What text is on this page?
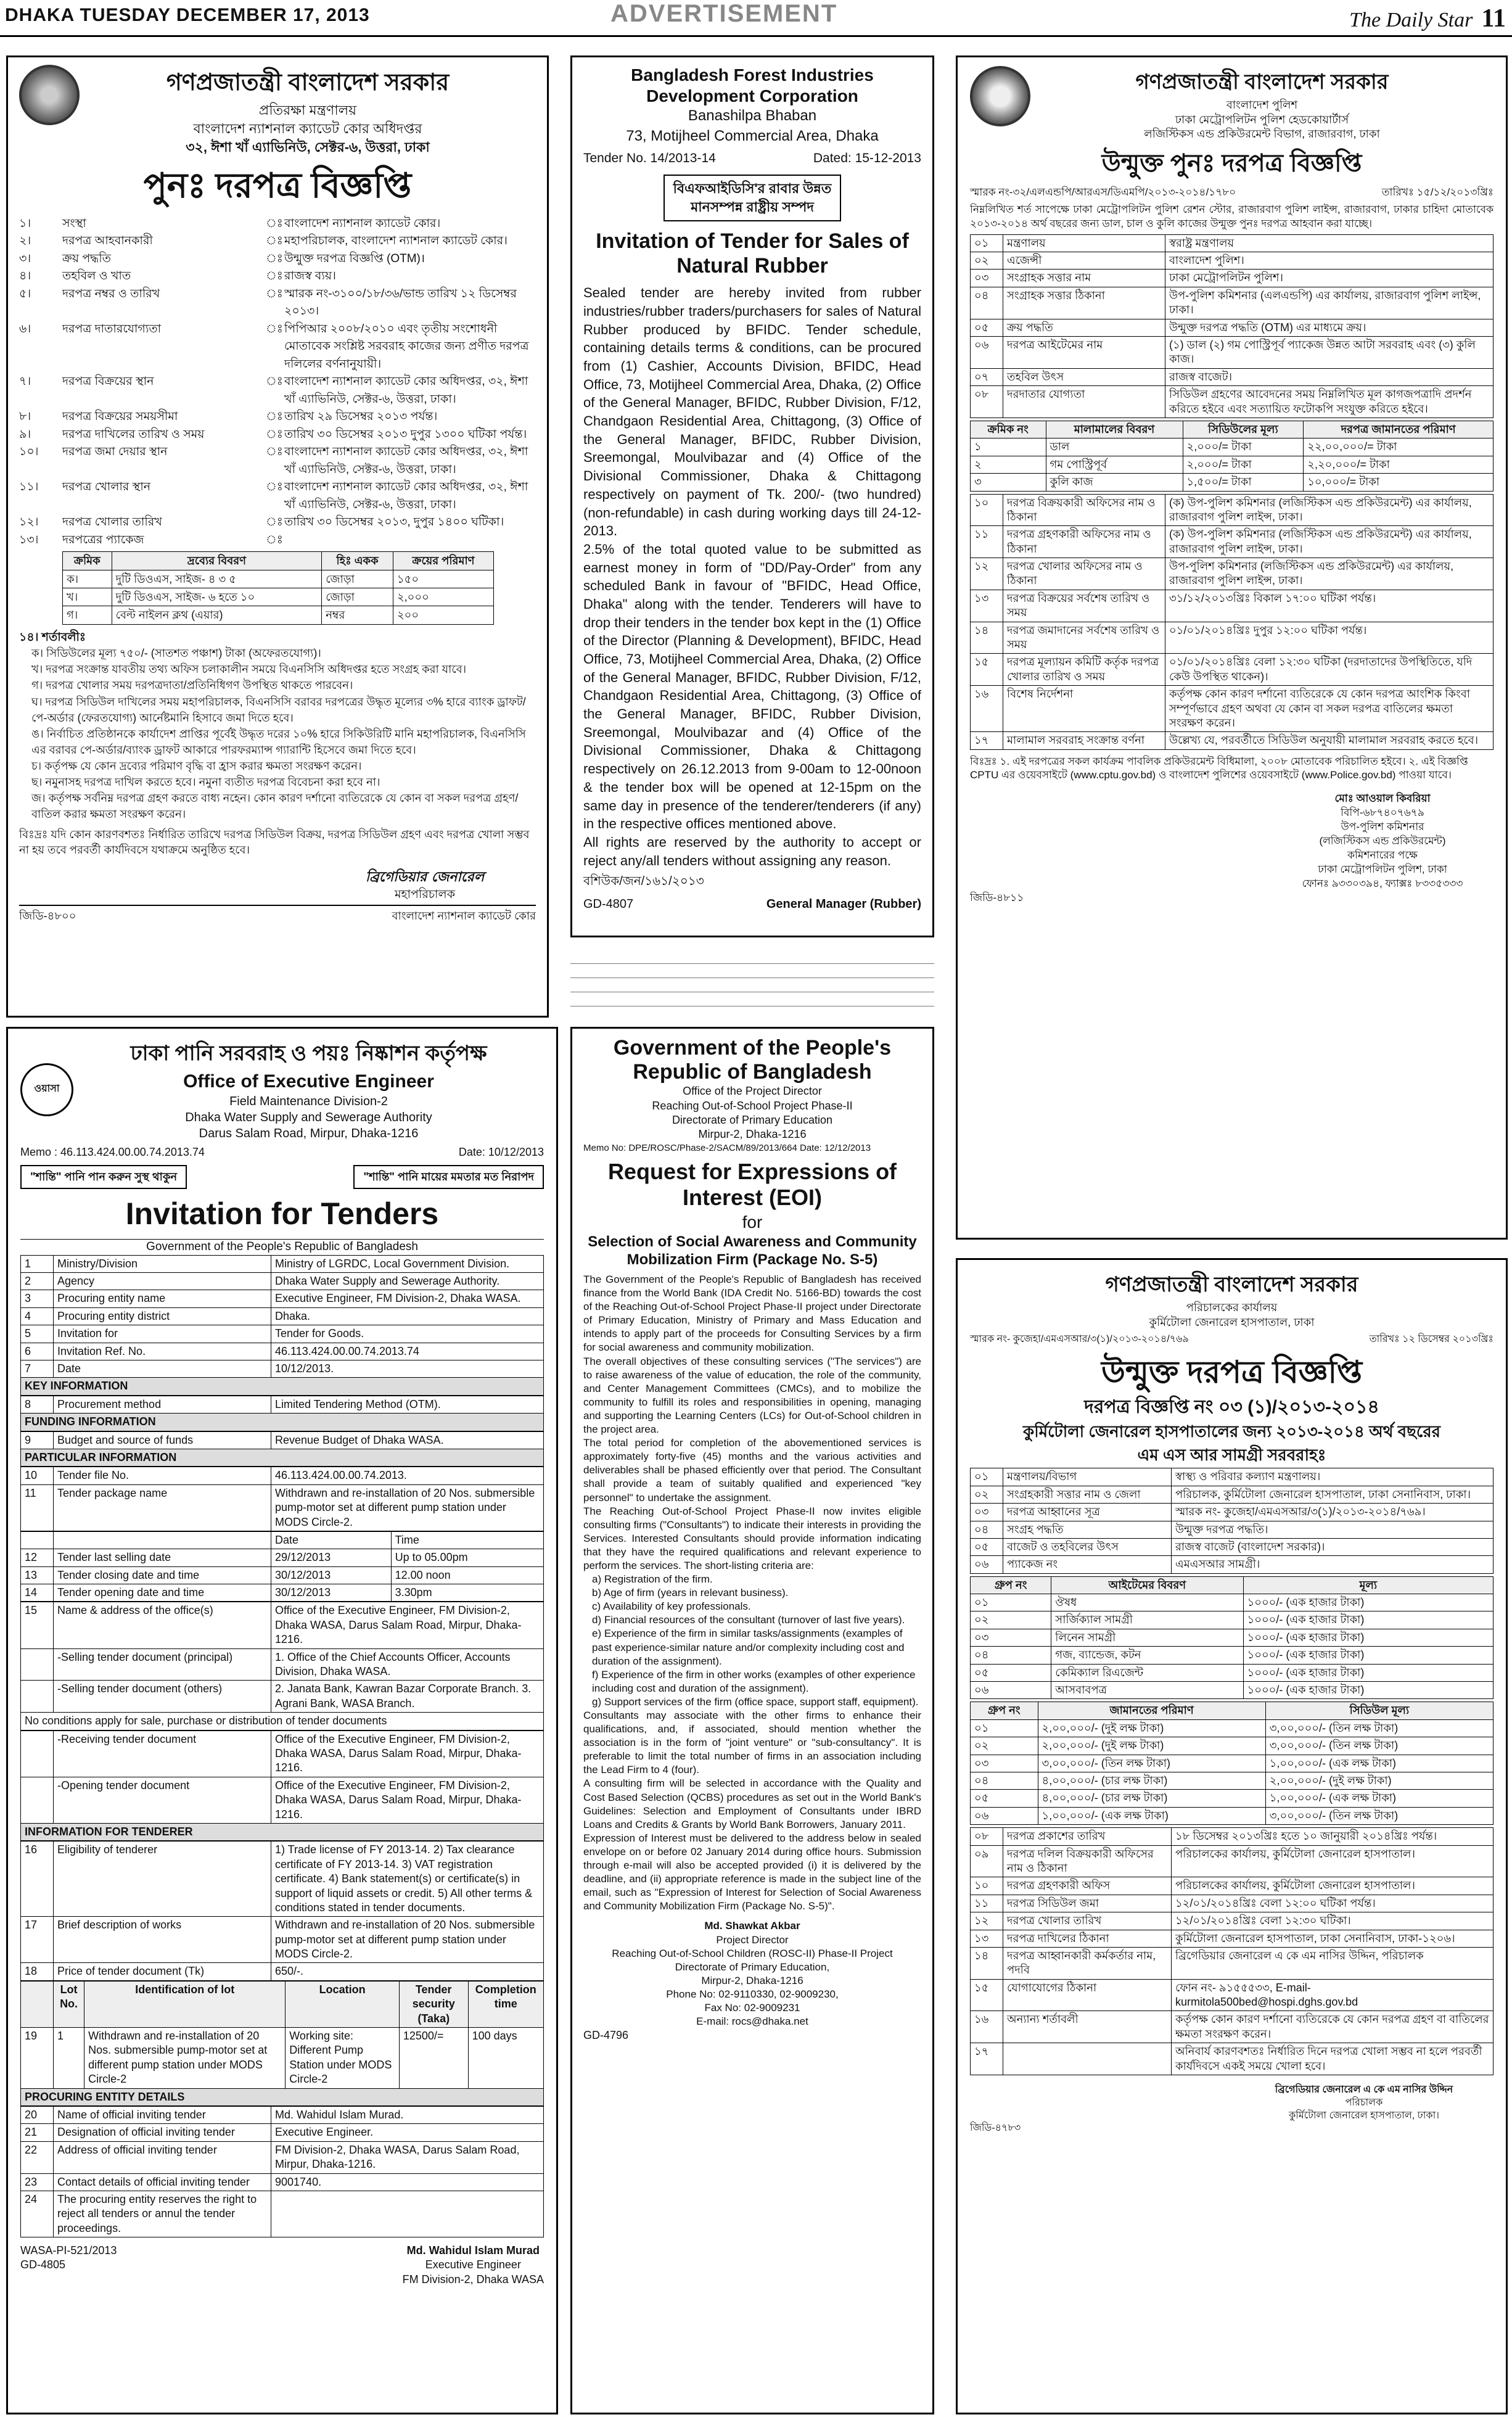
DHAKA TUESDAY DECEMBER 17, 2013	ADVERTISEMENT	The Daily Star 11
গণপ্রজাতন্ত্রী বাংলাদেশ সরকার
প্রতিরক্ষা মন্ত্রণালয়
বাংলাদেশ ন্যাশনাল ক্যাডেট কোর অধিদপ্তর
৩২, ঈশা খাঁ এ্যাভিনিউ, সেক্টর-৬, উত্তরা, ঢাকা
পুনঃ দরপত্র বিজ্ঞপ্তি
১।	সংস্থা	ঃ বাংলাদেশ ন্যাশনাল ক্যাডেট কোর।
২।	দরপত্র আহবানকারী	ঃ মহাপরিচালক, বাংলাদেশ ন্যাশনাল ক্যাডেট কোর।
৩।	ক্রয় পদ্ধতি	ঃ উন্মুক্ত দরপত্র বিজ্ঞপ্তি (OTM)।
৪।	তহবিল ও খাত	ঃ রাজস্ব ব্যয়।
৫।	দরপত্র নম্বর ও তারিখ	ঃ স্মারক নং-৩১০০/১৮/৩৬/ভান্ড তারিখ ১২ ডিসেম্বর ২০১৩।
৬।	দরপত্র দাতারযোগ্যতা	ঃ পিপিআর ২০০৮/২০১০ এবং তৃতীয় সংশোধনী মোতাবেক সংশ্লিষ্ট সরবরাহ কাজের জন্য প্রণীত দরপত্র দলিলের বর্ণনানুযায়ী।
৭।	দরপত্র বিক্রয়ের স্থান	ঃ বাংলাদেশ ন্যাশনাল ক্যাডেট কোর অধিদপ্তর, ৩২, ঈশা খাঁ এ্যাভিনিউ, সেক্টর-৬, উত্তরা, ঢাকা।
৮।	দরপত্র বিক্রয়ের সময়সীমা	ঃ তারিখ ২৯ ডিসেম্বর ২০১৩ পর্যন্ত।
৯।	দরপত্র দাখিলের তারিখ ও সময়	ঃ তারিখ ৩০ ডিসেম্বর ২০১৩ দুপুর ১৩০০ ঘটিকা পর্যন্ত।
১০।	দরপত্র জমা দেয়ার স্থান	ঃ বাংলাদেশ ন্যাশনাল ক্যাডেট কোর অধিদপ্তর, ৩২, ঈশা খাঁ এ্যাভিনিউ, সেক্টর-৬, উত্তরা, ঢাকা।
১১।	দরপত্র খোলার স্থান	ঃ বাংলাদেশ ন্যাশনাল ক্যাডেট কোর অধিদপ্তর, ৩২, ঈশা খাঁ এ্যাভিনিউ, সেক্টর-৬, উত্তরা, ঢাকা।
১২।	দরপত্র খোলার তারিখ	ঃ তারিখ ৩০ ডিসেম্বর ২০১৩, দুপুর ১৪০০ ঘটিকা।
১৩।	দরপত্রের প্যাকেজ	ঃ
ক্রমিক	দ্রব্যের বিবরণ	হিঃ একক	ক্রয়ের পরিমাণ
ক।	দুটি ডিওএস, সাইজ- ৪ ৩ ৫	জোড়া	১৫০
খ।	দুটি ডিওএস, সাইজ- ৬ হতে ১০	জোড়া	২,০০০
গ।	বেল্ট নাইলন ক্লথ (এয়ার)	নম্বর	২০০
১৪। শর্তাবলীঃ
ক। সিডিউলের মূল্য ৭৫০/- (সাতশত পঞ্চাশ) টাকা (অফেরতযোগ্য)।
খ। দরপত্র সংক্রান্ত যাবতীয় তথ্য অফিস চলাকালীন সময়ে বিএনসিসি অধিদপ্তর হতে সংগ্রহ করা যাবে।
গ। দরপত্র খোলার সময় দরপত্রদাতা/প্রতিনিধিগণ উপস্থিত থাকতে পারবেন।
ঘ। দরপত্র সিডিউল দাখিলের সময় মহাপরিচালক, বিএনসিসি বরাবর দরপত্রের উদ্ধৃত মূল্যের ৩% হারে ব্যাংক ড্রাফট/পে-অর্ডার (ফেরতযোগ্য) আর্নেষ্টমানি হিসাবে জমা দিতে হবে।
ঙ। নির্বাচিত প্রতিষ্ঠানকে কার্যাদেশ প্রাপ্তির পূর্বেই উদ্ধৃত দরের ১০% হারে সিকিউরিটি মানি মহাপরিচালক, বিএনসিসি এর বরাবর পে-অর্ডার/ব্যাংক ড্রাফট আকারে পারফরম্যান্স গ্যারান্টি হিসেবে জমা দিতে হবে।
চ। কর্তৃপক্ষ যে কোন দ্রব্যের পরিমাণ বৃদ্ধি বা হ্রাস করার ক্ষমতা সংরক্ষণ করেন।
ছ। নমুনাসহ দরপত্র দাখিল করতে হবে। নমুনা ব্যতীত দরপত্র বিবেচনা করা হবে না।
জ। কর্তৃপক্ষ সর্বনিম্ন দরপত্র গ্রহণ করতে বাধ্য নহেন। কোন কারণ দর্শানো ব্যতিরেকে যে কোন বা সকল দরপত্র গ্রহণ/বাতিল করার ক্ষমতা সংরক্ষণ করেন।
বিঃদ্রঃ যদি কোন কারণবশতঃ নির্ধারিত তারিখে দরপত্র সিডিউল বিক্রয়, দরপত্র সিডিউল গ্রহণ এবং দরপত্র খোলা সম্ভব না হয় তবে পরবর্তী কার্যদিবসে যথাক্রমে অনুষ্ঠিত হবে।
ব্রিগেডিয়ার জেনারেল
মহাপরিচালক
জিডি-৪৮০০	বাংলাদেশ ন্যাশনাল ক্যাডেট কোর
Bangladesh Forest Industries Development Corporation
Banashilpa Bhaban
73, Motijheel Commercial Area, Dhaka
Tender No. 14/2013-14	Dated: 15-12-2013
বিএফআইডিসি'র রাবার উন্নত
মানসম্পন্ন রাষ্ট্রীয় সম্পদ
Invitation of Tender for Sales of Natural Rubber
Sealed tender are hereby invited from rubber industries/rubber traders/purchasers for sales of Natural Rubber produced by BFIDC. Tender schedule, containing details terms & conditions, can be procured from (1) Cashier, Accounts Division, BFIDC, Head Office, 73, Motijheel Commercial Area, Dhaka, (2) Office of the General Manager, BFIDC, Rubber Division, F/12, Chandgaon Residential Area, Chittagong, (3) Office of the General Manager, BFIDC, Rubber Division, Sreemongal, Moulvibazar and (4) Office of the Divisional Commissioner, Dhaka & Chittagong respectively on payment of Tk. 200/- (two hundred) (non-refundable) in cash during working days till 24-12-2013.
2.5% of the total quoted value to be submitted as earnest money in form of "DD/Pay-Order" from any scheduled Bank in favour of "BFIDC, Head Office, Dhaka" along with the tender. Tenderers will have to drop their tenders in the tender box kept in the (1) Office of the Director (Planning & Development), BFIDC, Head Office, 73, Motijheel Commercial Area, Dhaka, (2) Office of the General Manager, BFIDC, Rubber Division, F/12, Chandgaon Residential Area, Chittagong, (3) Office of the General Manager, BFIDC, Rubber Division, Sreemongal, Moulvibazar and (4) Office of the Divisional Commissioner, Dhaka & Chittagong respectively on 26.12.2013 from 9-00am to 12-00noon & the tender box will be opened at 12-15pm on the same day in presence of the tenderer/tenderers (if any) in the respective offices mentioned above.
All rights are reserved by the authority to accept or reject any/all tenders without assigning any reason.
বশিউক/জন/১৬১/২০১৩
GD-4807	General Manager (Rubber)
গণপ্রজাতন্ত্রী বাংলাদেশ সরকার
বাংলাদেশ পুলিশ
ঢাকা মেট্রোপলিটন পুলিশ হেডকোয়ার্টার্স
লজিস্টিকস এন্ড প্রকিউরমেন্ট বিভাগ, রাজারবাগ, ঢাকা
উন্মুক্ত পুনঃ দরপত্র বিজ্ঞপ্তি
স্মারক নং-৩২/এলএন্ডপি/আরএস/ডিএমপি/২০১৩-২০১৪/১৭৮০	তারিখঃ ১৫/১২/২০১৩খ্রিঃ
নিম্নলিখিত শর্ত সাপেক্ষে ঢাকা মেট্রোপলিটন পুলিশ রেশন স্টোর, রাজারবাগ পুলিশ লাইন্স, রাজারবাগ, ঢাকার চাহিদা মোতাবেক ২০১৩-২০১৪ অর্থ বছরের জন্য ডাল, চাল ও কুলি কাজের উন্মুক্ত পুনঃ দরপত্র আহবান করা যাচ্ছে।
০১	মন্ত্রণালয়	স্বরাষ্ট্র মন্ত্রণালয়
০২	এজেন্সী	বাংলাদেশ পুলিশ।
০৩	সংগ্রাহক সত্তার নাম	ঢাকা মেট্রোপলিটন পুলিশ।
০৪	সংগ্রাহক সত্তার ঠিকানা	উপ-পুলিশ কমিশনার (এলএন্ডপি) এর কার্যালয়, রাজারবাগ পুলিশ লাইন্স, ঢাকা।
০৫	ক্রয় পদ্ধতি	উন্মুক্ত দরপত্র পদ্ধতি (OTM) এর মাধ্যমে ক্রয়।
০৬	দরপত্র আইটেমের নাম	(১) ডাল (২) গম পোস্ট্রিপূর্ব প্যাকেজ উন্নত আটা সরবরাহ এবং (৩) কুলি কাজ।
০৭	তহবিল উৎস	রাজস্ব বাজেট।
০৮	দরদাতার যোগ্যতা	সিডিউল গ্রহণের আবেদনের সময় নিম্নলিখিত মূল কাগজপত্রাদি প্রদর্শন করিতে হইবে এবং সত্যায়িত ফটোকপি সংযুক্ত করিতে হইবে।
ক্রমিক নং	মালামালের বিবরণ	সিডিউলের মূল্য	দরপত্র জামানতের পরিমাণ
১	ডাল	২,০০০/= টাকা	২২,০০,০০০/= টাকা
২	গম পোস্ট্রিপূর্ব	২,০০০/= টাকা	২,২০,০০০/= টাকা
৩	কুলি কাজ	১,৫০০/= টাকা	১০,০০০/= টাকা
১০	দরপত্র বিক্রয়কারী অফিসের নাম ও ঠিকানা	(ক) উপ-পুলিশ কমিশনার (লজিস্টিকস এন্ড প্রকিউরমেন্ট) এর কার্যালয়, রাজারবাগ পুলিশ লাইন্স, ঢাকা।
১১	দরপত্র গ্রহণকারী অফিসের নাম ও ঠিকানা	(ক) উপ-পুলিশ কমিশনার (লজিস্টিকস এন্ড প্রকিউরমেন্ট) এর কার্যালয়, রাজারবাগ পুলিশ লাইন্স, ঢাকা।
১২	দরপত্র খোলার অফিসের নাম ও ঠিকানা	উপ-পুলিশ কমিশনার (লজিস্টিকস এন্ড প্রকিউরমেন্ট) এর কার্যালয়, রাজারবাগ পুলিশ লাইন্স, ঢাকা।
১৩	দরপত্র বিক্রয়ের সর্বশেষ তারিখ ও সময়	৩১/১২/২০১৩খ্রিঃ বিকাল ১৭:০০ ঘটিকা পর্যন্ত।
১৪	দরপত্র জমাদানের সর্বশেষ তারিখ ও সময়	০১/০১/২০১৪খ্রিঃ দুপুর ১২:০০ ঘটিকা পর্যন্ত।
১৫	দরপত্র মূল্যায়ন কমিটি কর্তৃক দরপত্র খোলার তারিখ ও সময়	০১/০১/২০১৪খ্রিঃ বেলা ১২:৩০ ঘটিকা (দরদাতাদের উপস্থিতিতে, যদি কেউ উপস্থিত থাকেন)।
১৬	বিশেষ নির্দেশনা	কর্তৃপক্ষ কোন কারণ দর্শানো ব্যতিরেকে যে কোন দরপত্র আংশিক কিংবা সম্পূর্ণভাবে গ্রহণ অথবা যে কোন বা সকল দরপত্র বাতিলের ক্ষমতা সংরক্ষণ করেন।
১৭	মালামাল সরবরাহ সংক্রান্ত বর্ণনা	উল্লেখ্য যে, পরবর্তীতে সিডিউল অনুযায়ী মালামাল সরবরাহ করতে হবে।
বিঃদ্রঃ ১. এই দরপত্রের সকল কার্যক্রম পাবলিক প্রকিউরমেন্ট বিধিমালা, ২০০৮ মোতাবেক পরিচালিত হইবে। ২. এই বিজ্ঞপ্তি CPTU এর ওয়েবসাইটে (www.cptu.gov.bd) ও বাংলাদেশ পুলিশের ওয়েবসাইটে (www.Police.gov.bd) পাওয়া যাবে।
মোঃ আওয়াল কিবরিয়া
বিপি-৬৮৭৪০৭৬৭৯
উপ-পুলিশ কমিশনার
(লজিস্টিকস এন্ড প্রকিউরমেন্ট)
কমিশনারের পক্ষে
ঢাকা মেট্রোপলিটন পুলিশ, ঢাকা
ফোনঃ ৯৩৩০৩৯৪, ফ্যাক্সঃ ৮৩৩৫৩৩৩
জিডি-৪৮১১
ওয়াসা
ঢাকা পানি সরবরাহ ও পয়ঃ নিষ্কাশন কর্তৃপক্ষ
Office of Executive Engineer
Field Maintenance Division-2
Dhaka Water Supply and Sewerage Authority
Darus Salam Road, Mirpur, Dhaka-1216
Memo : 46.113.424.00.00.74.2013.74	Date: 10/12/2013
"শান্তি" পানি পান করুন সুস্থ থাকুন	"শান্তি" পানি মায়ের মমতার মত নিরাপদ
Invitation for Tenders
Government of the People's Republic of Bangladesh
1	Ministry/Division	Ministry of LGRDC, Local Government Division.
2	Agency	Dhaka Water Supply and Sewerage Authority.
3	Procuring entity name	Executive Engineer, FM Division-2, Dhaka WASA.
4	Procuring entity district	Dhaka.
5	Invitation for	Tender for Goods.
6	Invitation Ref. No.	46.113.424.00.00.74.2013.74
7	Date	10/12/2013.
KEY INFORMATION
8	Procurement method	Limited Tendering Method (OTM).
FUNDING INFORMATION
9	Budget and source of funds	Revenue Budget of Dhaka WASA.
PARTICULAR INFORMATION
10	Tender file No.	46.113.424.00.00.74.2013.
11	Tender package name	Withdrawn and re-installation of 20 Nos. submersible pump-motor set at different pump station under MODS Circle-2.
		Date	Time
12	Tender last selling date	29/12/2013	Up to 05.00pm
13	Tender closing date and time	30/12/2013	12.00 noon
14	Tender opening date and time	30/12/2013	3.30pm
15	Name & address of the office(s)	Office of the Executive Engineer, FM Division-2, Dhaka WASA, Darus Salam Road, Mirpur, Dhaka-1216.
	-Selling tender document (principal)	1. Office of the Chief Accounts Officer, Accounts Division, Dhaka WASA.
	-Selling tender document (others)	2. Janata Bank, Kawran Bazar Corporate Branch. 3. Agrani Bank, WASA Branch.
No conditions apply for sale, purchase or distribution of tender documents
	-Receiving tender document	Office of the Executive Engineer, FM Division-2, Dhaka WASA, Darus Salam Road, Mirpur, Dhaka-1216.
	-Opening tender document	Office of the Executive Engineer, FM Division-2, Dhaka WASA, Darus Salam Road, Mirpur, Dhaka-1216.
INFORMATION FOR TENDERER
16	Eligibility of tenderer	1) Trade license of FY 2013-14. 2) Tax clearance certificate of FY 2013-14. 3) VAT registration certificate. 4) Bank statement(s) or certificate(s) in support of liquid assets or credit. 5) All other terms & conditions stated in tender documents.
17	Brief description of works	Withdrawn and re-installation of 20 Nos. submersible pump-motor set at different pump station under MODS Circle-2.
18	Price of tender document (Tk)	650/-.
	Lot No.	Identification of lot	Location	Tender security (Taka)	Completion time
19	1	Withdrawn and re-installation of 20 Nos. submersible pump-motor set at different pump station under MODS Circle-2	Working site: Different Pump Station under MODS Circle-2	12500/=	100 days
PROCURING ENTITY DETAILS
20	Name of official inviting tender	Md. Wahidul Islam Murad.
21	Designation of official inviting tender	Executive Engineer.
22	Address of official inviting tender	FM Division-2, Dhaka WASA, Darus Salam Road, Mirpur, Dhaka-1216.
23	Contact details of official inviting tender	9001740.
24	The procuring entity reserves the right to reject all tenders or annul the tender proceedings.	
WASA-PI-521/2013
GD-4805
Md. Wahidul Islam Murad
Executive Engineer
FM Division-2, Dhaka WASA
Government of the People's Republic of Bangladesh
Office of the Project Director
Reaching Out-of-School Project Phase-II
Directorate of Primary Education
Mirpur-2, Dhaka-1216
Memo No: DPE/ROSC/Phase-2/SACM/89/2013/664 Date: 12/12/2013
Request for Expressions of Interest (EOI)
for
Selection of Social Awareness and Community Mobilization Firm (Package No. S-5)
The Government of the People's Republic of Bangladesh has received finance from the World Bank (IDA Credit No. 5166-BD) towards the cost of the Reaching Out-of-School Project Phase-II project under Directorate of Primary Education, Ministry of Primary and Mass Education and intends to apply part of the proceeds for Consulting Services by a firm for social awareness and community mobilization.
The overall objectives of these consulting services ("The services") are to raise awareness of the value of education, the role of the community, and Center Management Committees (CMCs), and to mobilize the community to fulfill its roles and responsibilities in opening, managing and supporting the Learning Centers (LCs) for Out-of-School children in the project area.
The total period for completion of the abovementioned services is approximately forty-five (45) months and the various activities and deliverables shall be phased efficiently over that period. The Consultant shall provide a team of suitably qualified and experienced "key personnel" to undertake the assignment.
The Reaching Out-of-School Project Phase-II now invites eligible consulting firms ("Consultants") to indicate their interests in providing the Services. Interested Consultants should provide information indicating that they have the required qualifications and relevant experience to perform the services. The short-listing criteria are:
a) Registration of the firm.
b) Age of firm (years in relevant business).
c) Availability of key professionals.
d) Financial resources of the consultant (turnover of last five years).
e) Experience of the firm in similar tasks/assignments (examples of past experience-similar nature and/or complexity including cost and duration of the assignment).
f) Experience of the firm in other works (examples of other experience including cost and duration of the assignment).
g) Support services of the firm (office space, support staff, equipment).
Consultants may associate with the other firms to enhance their qualifications, and, if associated, should mention whether the association is in the form of "joint venture" or "sub-consultancy". It is preferable to limit the total number of firms in an association including the Lead Firm to 4 (four).
A consulting firm will be selected in accordance with the Quality and Cost Based Selection (QCBS) procedures as set out in the World Bank's Guidelines: Selection and Employment of Consultants under IBRD Loans and Credits & Grants by World Bank Borrowers, January 2011.
Expression of Interest must be delivered to the address below in sealed envelope on or before 02 January 2014 during office hours. Submission through e-mail will also be accepted provided (i) it is delivered by the deadline, and (ii) appropriate reference is made in the subject line of the email, such as "Expression of Interest for Selection of Social Awareness and Community Mobilization Firm (Package No. S-5)".
Md. Shawkat Akbar
Project Director
Reaching Out-of-School Children (ROSC-II) Phase-II Project
Directorate of Primary Education,
Mirpur-2, Dhaka-1216
Phone No: 02-9110330, 02-9009230,
Fax No: 02-9009231
E-mail: rocs@dhaka.net
GD-4796
গণপ্রজাতন্ত্রী বাংলাদেশ সরকার
পরিচালকের কার্যালয়
কুর্মিটোলা জেনারেল হাসপাতাল, ঢাকা
স্মারক নং- কুজেহা/এমএসআর/৩(১)/২০১৩-২০১৪/৭৬৯	তারিখঃ ১২ ডিসেম্বর ২০১৩খ্রিঃ
উন্মুক্ত দরপত্র বিজ্ঞপ্তি
দরপত্র বিজ্ঞপ্তি নং ০৩ (১)/২০১৩-২০১৪
কুর্মিটোলা জেনারেল হাসপাতালের জন্য ২০১৩-২০১৪ অর্থ বছরের
এম এস আর সামগ্রী সরবরাহঃ
০১	মন্ত্রণালয়/বিভাগ	স্বাস্থ্য ও পরিবার কল্যাণ মন্ত্রণালয়।
০২	সংগ্রহকারী সত্তার নাম ও জেলা	পরিচালক, কুর্মিটোলা জেনারেল হাসপাতাল, ঢাকা সেনানিবাস, ঢাকা।
০৩	দরপত্র আহ্বানের সূত্র	স্মারক নং- কুজেহা/এমএসআর/৩(১)/২০১৩-২০১৪/৭৬৯।
০৪	সংগ্রহ পদ্ধতি	উন্মুক্ত দরপত্র পদ্ধতি।
০৫	বাজেট ও তহবিলের উৎস	রাজস্ব বাজেট (বাংলাদেশ সরকার)।
০৬	প্যাকেজ নং	এমএসআর সামগ্রী।
গ্রুপ নং	আইটেমের বিবরণ	মূল্য
০১	ঔষধ	১০০০/- (এক হাজার টাকা)
০২	সার্জিক্যাল সামগ্রী	১০০০/- (এক হাজার টাকা)
০৩	লিনেন সামগ্রী	১০০০/- (এক হাজার টাকা)
০৪	গজ, ব্যান্ডেজ, কটন	১০০০/- (এক হাজার টাকা)
০৫	কেমিক্যাল রিএজেন্ট	১০০০/- (এক হাজার টাকা)
০৬	আসবাবপত্র	১০০০/- (এক হাজার টাকা)
গ্রুপ নং	জামানতের পরিমাণ	সিডিউল মূল্য
০১	২,০০,০০০/- (দুই লক্ষ টাকা)	৩,০০,০০০/- (তিন লক্ষ টাকা)
০২	২,০০,০০০/- (দুই লক্ষ টাকা)	৩,০০,০০০/- (তিন লক্ষ টাকা)
০৩	৩,০০,০০০/- (তিন লক্ষ টাকা)	১,০০,০০০/- (এক লক্ষ টাকা)
০৪	৪,০০,০০০/- (চার লক্ষ টাকা)	২,০০,০০০/- (দুই লক্ষ টাকা)
০৫	৪,০০,০০০/- (চার লক্ষ টাকা)	১,০০,০০০/- (এক লক্ষ টাকা)
০৬	১,০০,০০০/- (এক লক্ষ টাকা)	৩,০০,০০০/- (তিন লক্ষ টাকা)
০৮	দরপত্র প্রকাশের তারিখ	১৮ ডিসেম্বর ২০১৩খ্রিঃ হতে ১০ জানুয়ারী ২০১৪খ্রিঃ পর্যন্ত।
০৯	দরপত্র দলিল বিক্রয়কারী অফিসের নাম ও ঠিকানা	পরিচালকের কার্যালয়, কুর্মিটোলা জেনারেল হাসপাতাল।
১০	দরপত্র গ্রহণকারী অফিস	পরিচালকের কার্যালয়, কুর্মিটোলা জেনারেল হাসপাতাল।
১১	দরপত্র সিডিউল জমা	১২/০১/২০১৪খ্রিঃ বেলা ১২:০০ ঘটিকা পর্যন্ত।
১২	দরপত্র খোলার তারিখ	১২/০১/২০১৪খ্রিঃ বেলা ১২:৩০ ঘটিকা।
১৩	দরপত্র দাখিলের ঠিকানা	কুর্মিটোলা জেনারেল হাসপাতাল, ঢাকা সেনানিবাস, ঢাকা-১২০৬।
১৪	দরপত্র আহ্বানকারী কর্মকর্তার নাম, পদবি	ব্রিগেডিয়ার জেনারেল এ কে এম নাসির উদ্দিন, পরিচালক
১৫	যোগাযোগের ঠিকানা	ফোন নং- ৯১৫৫৫৩৩, E-mail- kurmitola500bed@hospi.dghs.gov.bd
১৬	অন্যান্য শর্তাবলী	কর্তৃপক্ষ কোন কারণ দর্শানো ব্যতিরেকে যে কোন দরপত্র গ্রহণ বা বাতিলের ক্ষমতা সংরক্ষণ করেন।
১৭		অনিবার্য কারণবশতঃ নির্ধারিত দিনে দরপত্র খোলা সম্ভব না হলে পরবর্তী কার্যদিবসে একই সময়ে খোলা হবে।
ব্রিগেডিয়ার জেনারেল এ কে এম নাসির উদ্দিন
পরিচালক
কুর্মিটোলা জেনারেল হাসপাতাল, ঢাকা।
জিডি-৪৭৮৩
